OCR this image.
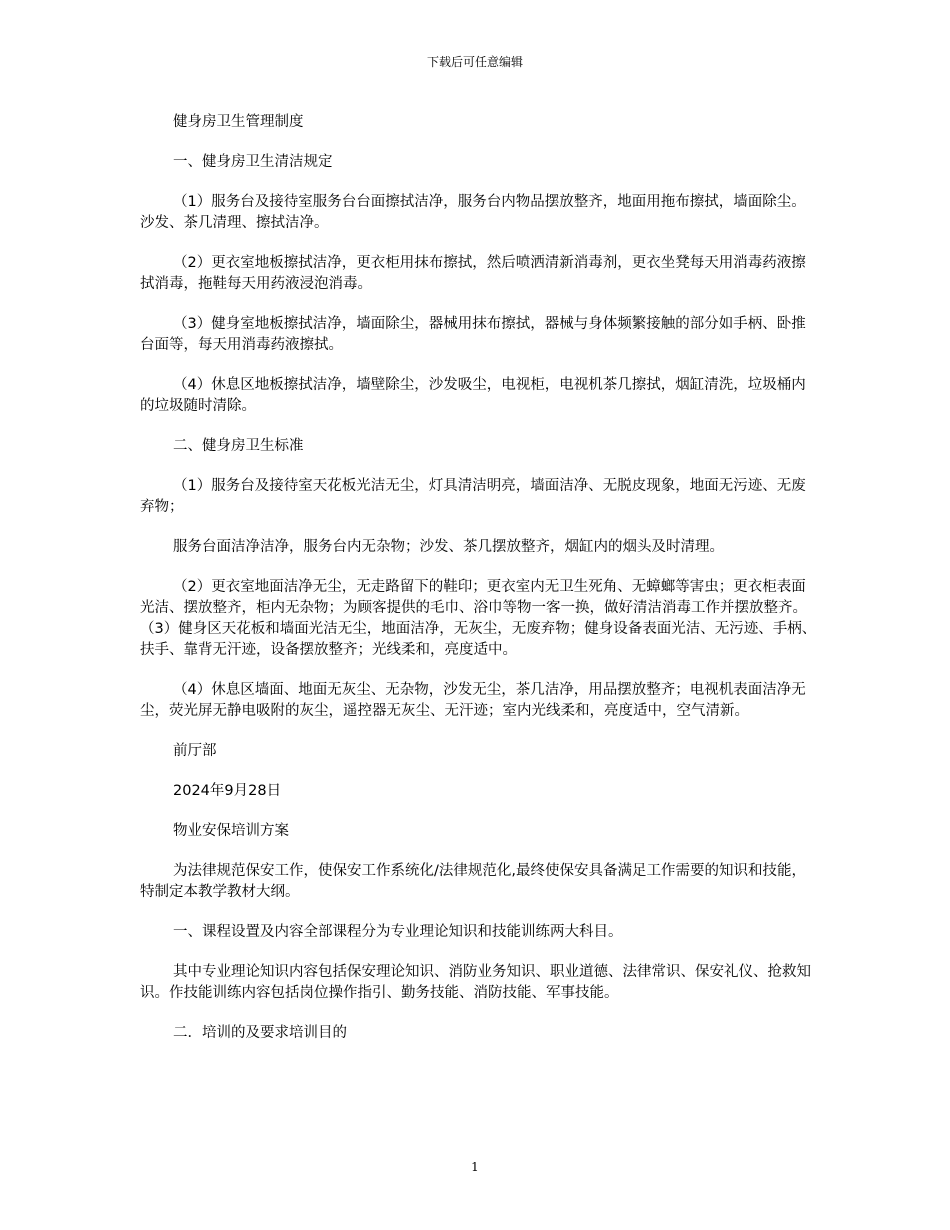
下载后可任意编辑

健身房卫生管理制度

一、健身房卫生清洁规定

（1）服务台及接待室服务台台面擦拭洁净，服务台内物品摆放整齐，地面用拖布擦拭，墙面除尘。沙发、茶几清理、擦拭洁净。

（2）更衣室地板擦拭洁净，更衣柜用抹布擦拭，然后喷洒清新消毒剂，更衣坐凳每天用消毒药液擦拭消毒，拖鞋每天用药液浸泡消毒。

（3）健身室地板擦拭洁净，墙面除尘，器械用抹布擦拭，器械与身体频繁接触的部分如手柄、卧推台面等，每天用消毒药液擦拭。

（4）休息区地板擦拭洁净，墙壁除尘，沙发吸尘，电视柜，电视机茶几擦拭，烟缸清洗，垃圾桶内的垃圾随时清除。

二、健身房卫生标准

（1）服务台及接待室天花板光洁无尘，灯具清洁明亮，墙面洁净、无脱皮现象，地面无污迹、无废弃物；

服务台面洁净洁净，服务台内无杂物；沙发、茶几摆放整齐，烟缸内的烟头及时清理。

（2）更衣室地面洁净无尘，无走路留下的鞋印；更衣室内无卫生死角、无蟑螂等害虫；更衣柜表面光洁、摆放整齐，柜内无杂物；为顾客提供的毛巾、浴巾等物一客一换，做好清洁消毒工作并摆放整齐。（3）健身区天花板和墙面光洁无尘，地面洁净，无灰尘，无废弃物；健身设备表面光洁、无污迹、手柄、扶手、靠背无汗迹，设备摆放整齐；光线柔和，亮度适中。

（4）休息区墙面、地面无灰尘、无杂物，沙发无尘，茶几洁净，用品摆放整齐；电视机表面洁净无尘，荧光屏无静电吸附的灰尘，遥控器无灰尘、无汗迹；室内光线柔和，亮度适中，空气清新。

前厅部

2024年9月28日

物业安保培训方案

为法律规范保安工作，使保安工作系统化/法律规范化,最终使保安具备满足工作需要的知识和技能，特制定本教学教材大纲。

一、课程设置及内容全部课程分为专业理论知识和技能训练两大科目。

其中专业理论知识内容包括保安理论知识、消防业务知识、职业道德、法律常识、保安礼仪、抢救知识。作技能训练内容包括岗位操作指引、勤务技能、消防技能、军事技能。

二．培训的及要求培训目的

1
